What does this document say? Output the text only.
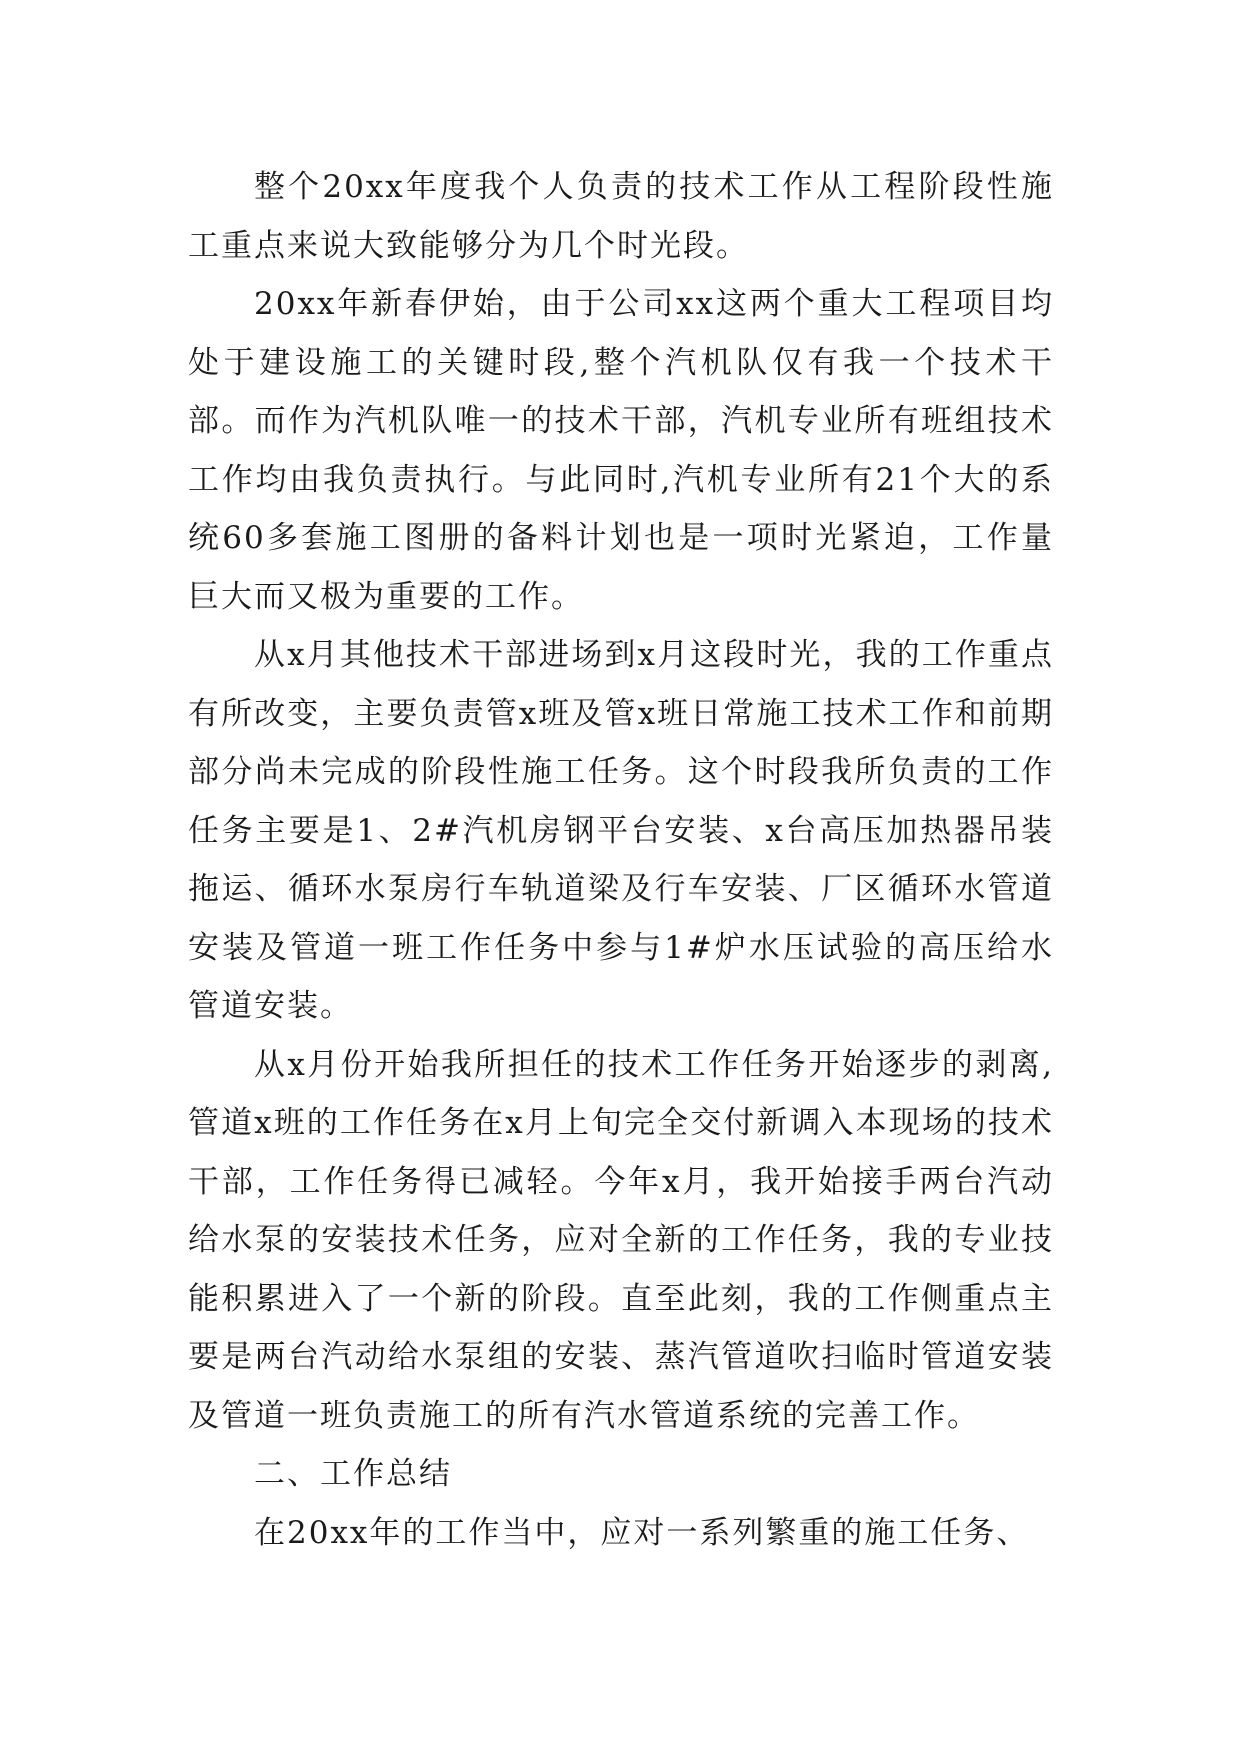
整个20xx年度我个人负责的技术工作从工程阶段性施工重点来说大致能够分为几个时光段。

20xx年新春伊始，由于公司xx这两个重大工程项目均处于建设施工的关键时段,整个汽机队仅有我一个技术干部。而作为汽机队唯一的技术干部，汽机专业所有班组技术工作均由我负责执行。与此同时,汽机专业所有21个大的系统60多套施工图册的备料计划也是一项时光紧迫，工作量巨大而又极为重要的工作。

从x月其他技术干部进场到x月这段时光，我的工作重点有所改变，主要负责管x班及管x班日常施工技术工作和前期部分尚未完成的阶段性施工任务。这个时段我所负责的工作任务主要是1、2#汽机房钢平台安装、x台高压加热器吊装拖运、循环水泵房行车轨道梁及行车安装、厂区循环水管道安装及管道一班工作任务中参与1#炉水压试验的高压给水管道安装。

从x月份开始我所担任的技术工作任务开始逐步的剥离,管道x班的工作任务在x月上旬完全交付新调入本现场的技术干部，工作任务得已减轻。今年x月，我开始接手两台汽动给水泵的安装技术任务，应对全新的工作任务，我的专业技能积累进入了一个新的阶段。直至此刻，我的工作侧重点主要是两台汽动给水泵组的安装、蒸汽管道吹扫临时管道安装及管道一班负责施工的所有汽水管道系统的完善工作。

二、工作总结

在20xx年的工作当中，应对一系列繁重的施工任务、
